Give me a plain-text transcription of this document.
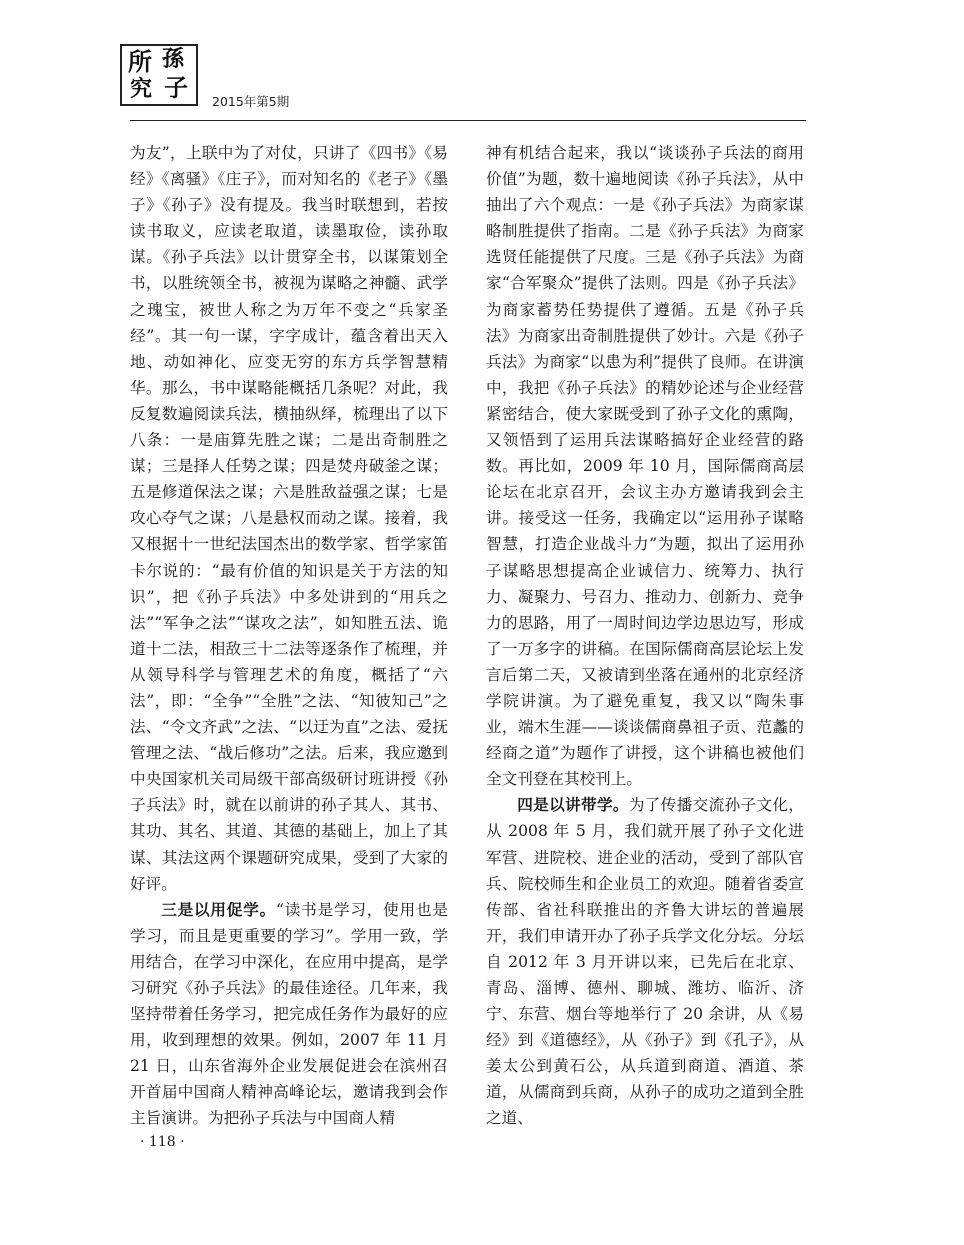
所 孫
究 子 2015年第5期

为友”，上联中为了对仗，只讲了《四书》《易经》《离骚》《庄子》，而对知名的《老子》《墨子》《孙子》没有提及。我当时联想到，若按读书取义，应读老取道，读墨取俭，读孙取谋。《孙子兵法》以计贯穿全书，以谋策划全书，以胜统领全书，被视为谋略之神髓、武学之瑰宝，被世人称之为万年不变之“兵家圣经”。其一句一谋，字字成计，蕴含着出天入地、动如神化、应变无穷的东方兵学智慧精华。那么，书中谋略能概括几条呢？对此，我反复数遍阅读兵法，横抽纵绎，梳理出了以下八条：一是庙算先胜之谋；二是出奇制胜之谋；三是择人任势之谋；四是焚舟破釜之谋；五是修道保法之谋；六是胜敌益强之谋；七是攻心夺气之谋；八是悬权而动之谋。接着，我又根据十一世纪法国杰出的数学家、哲学家笛卡尔说的：“最有价值的知识是关于方法的知识”，把《孙子兵法》中多处讲到的“用兵之法”“军争之法”“谋攻之法”，如知胜五法、诡道十二法，相敌三十二法等逐条作了梳理，并从领导科学与管理艺术的角度，概括了“六法”，即：“全争”“全胜”之法、“知彼知己”之法、“令文齐武”之法、“以迂为直”之法、爱抚管理之法、“战后修功”之法。后来，我应邀到中央国家机关司局级干部高级研讨班讲授《孙子兵法》时，就在以前讲的孙子其人、其书、其功、其名、其道、其德的基础上，加上了其谋、其法这两个课题研究成果，受到了大家的好评。

三是以用促学。“读书是学习，使用也是学习，而且是更重要的学习”。学用一致，学用结合，在学习中深化，在应用中提高，是学习研究《孙子兵法》的最佳途径。几年来，我坚持带着任务学习，把完成任务作为最好的应用，收到理想的效果。例如，2007 年 11 月 21 日，山东省海外企业发展促进会在滨州召开首届中国商人精神高峰论坛，邀请我到会作主旨演讲。为把孙子兵法与中国商人精

神有机结合起来，我以“谈谈孙子兵法的商用价值”为题，数十遍地阅读《孙子兵法》，从中抽出了六个观点：一是《孙子兵法》为商家谋略制胜提供了指南。二是《孙子兵法》为商家选贤任能提供了尺度。三是《孙子兵法》为商家“合军聚众”提供了法则。四是《孙子兵法》为商家蓄势任势提供了遵循。五是《孙子兵法》为商家出奇制胜提供了妙计。六是《孙子兵法》为商家“以患为利”提供了良师。在讲演中，我把《孙子兵法》的精妙论述与企业经营紧密结合，使大家既受到了孙子文化的熏陶，又领悟到了运用兵法谋略搞好企业经营的路数。再比如，2009 年 10 月，国际儒商高层论坛在北京召开，会议主办方邀请我到会主讲。接受这一任务，我确定以“运用孙子谋略智慧，打造企业战斗力”为题，拟出了运用孙子谋略思想提高企业诚信力、统筹力、执行力、凝聚力、号召力、推动力、创新力、竞争力的思路，用了一周时间边学边思边写，形成了一万多字的讲稿。在国际儒商高层论坛上发言后第二天，又被请到坐落在通州的北京经济学院讲演。为了避免重复，我又以“陶朱事业，端木生涯——谈谈儒商鼻祖子贡、范蠡的经商之道”为题作了讲授，这个讲稿也被他们全文刊登在其校刊上。

四是以讲带学。为了传播交流孙子文化，从 2008 年 5 月，我们就开展了孙子文化进军营、进院校、进企业的活动，受到了部队官兵、院校师生和企业员工的欢迎。随着省委宣传部、省社科联推出的齐鲁大讲坛的普遍展开，我们申请开办了孙子兵学文化分坛。分坛自 2012 年 3 月开讲以来，已先后在北京、青岛、淄博、德州、聊城、潍坊、临沂、济宁、东营、烟台等地举行了 20 余讲，从《易经》到《道德经》，从《孙子》到《孔子》，从姜太公到黄石公，从兵道到商道、酒道、茶道，从儒商到兵商，从孙子的成功之道到全胜之道、

· 118 ·
